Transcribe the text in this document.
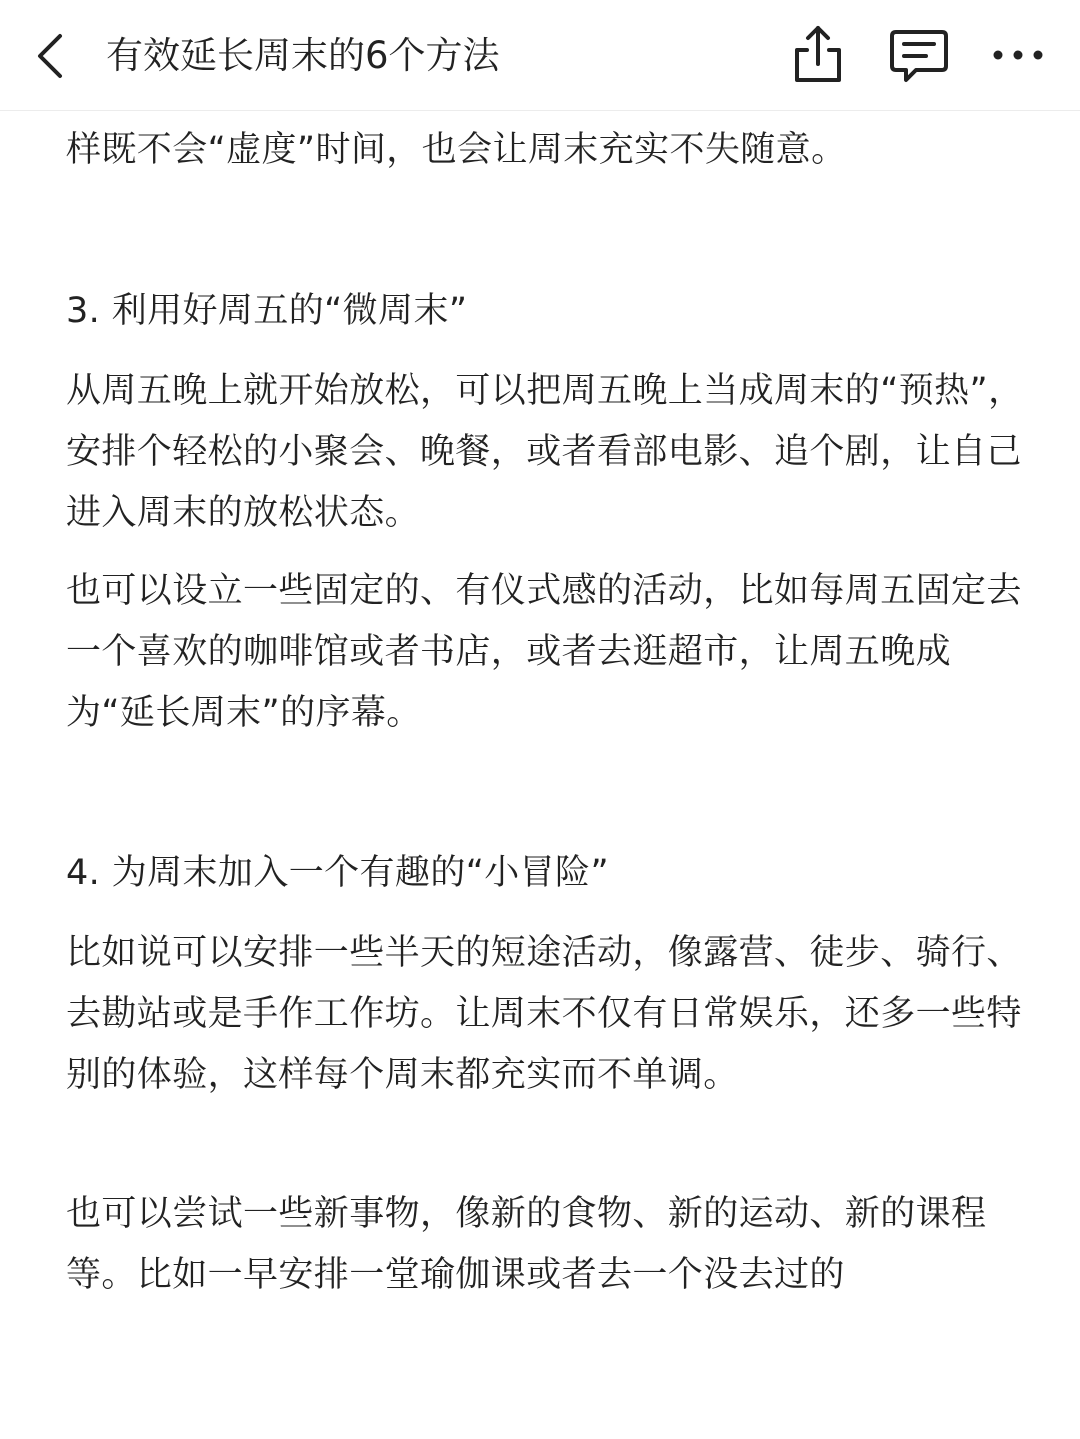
有效延长周末的6个方法

样既不会“虚度”时间，也会让周末充实不失随意。

3. 利用好周五的“微周末”

从周五晚上就开始放松，可以把周五晚上当成周末的“预热”，安排个轻松的小聚会、晚餐，或者看部电影、追个剧，让自己进入周末的放松状态。

也可以设立一些固定的、有仪式感的活动，比如每周五固定去一个喜欢的咖啡馆或者书店，或者去逛超市，让周五晚成为“延长周末”的序幕。

4. 为周末加入一个有趣的“小冒险”

比如说可以安排一些半天的短途活动，像露营、徒步、骑行、去勘站或是手作工作坊。让周末不仅有日常娱乐，还多一些特别的体验，这样每个周末都充实而不单调。

也可以尝试一些新事物，像新的食物、新的运动、新的课程等。比如一早安排一堂瑜伽课或者去一个没去过的
